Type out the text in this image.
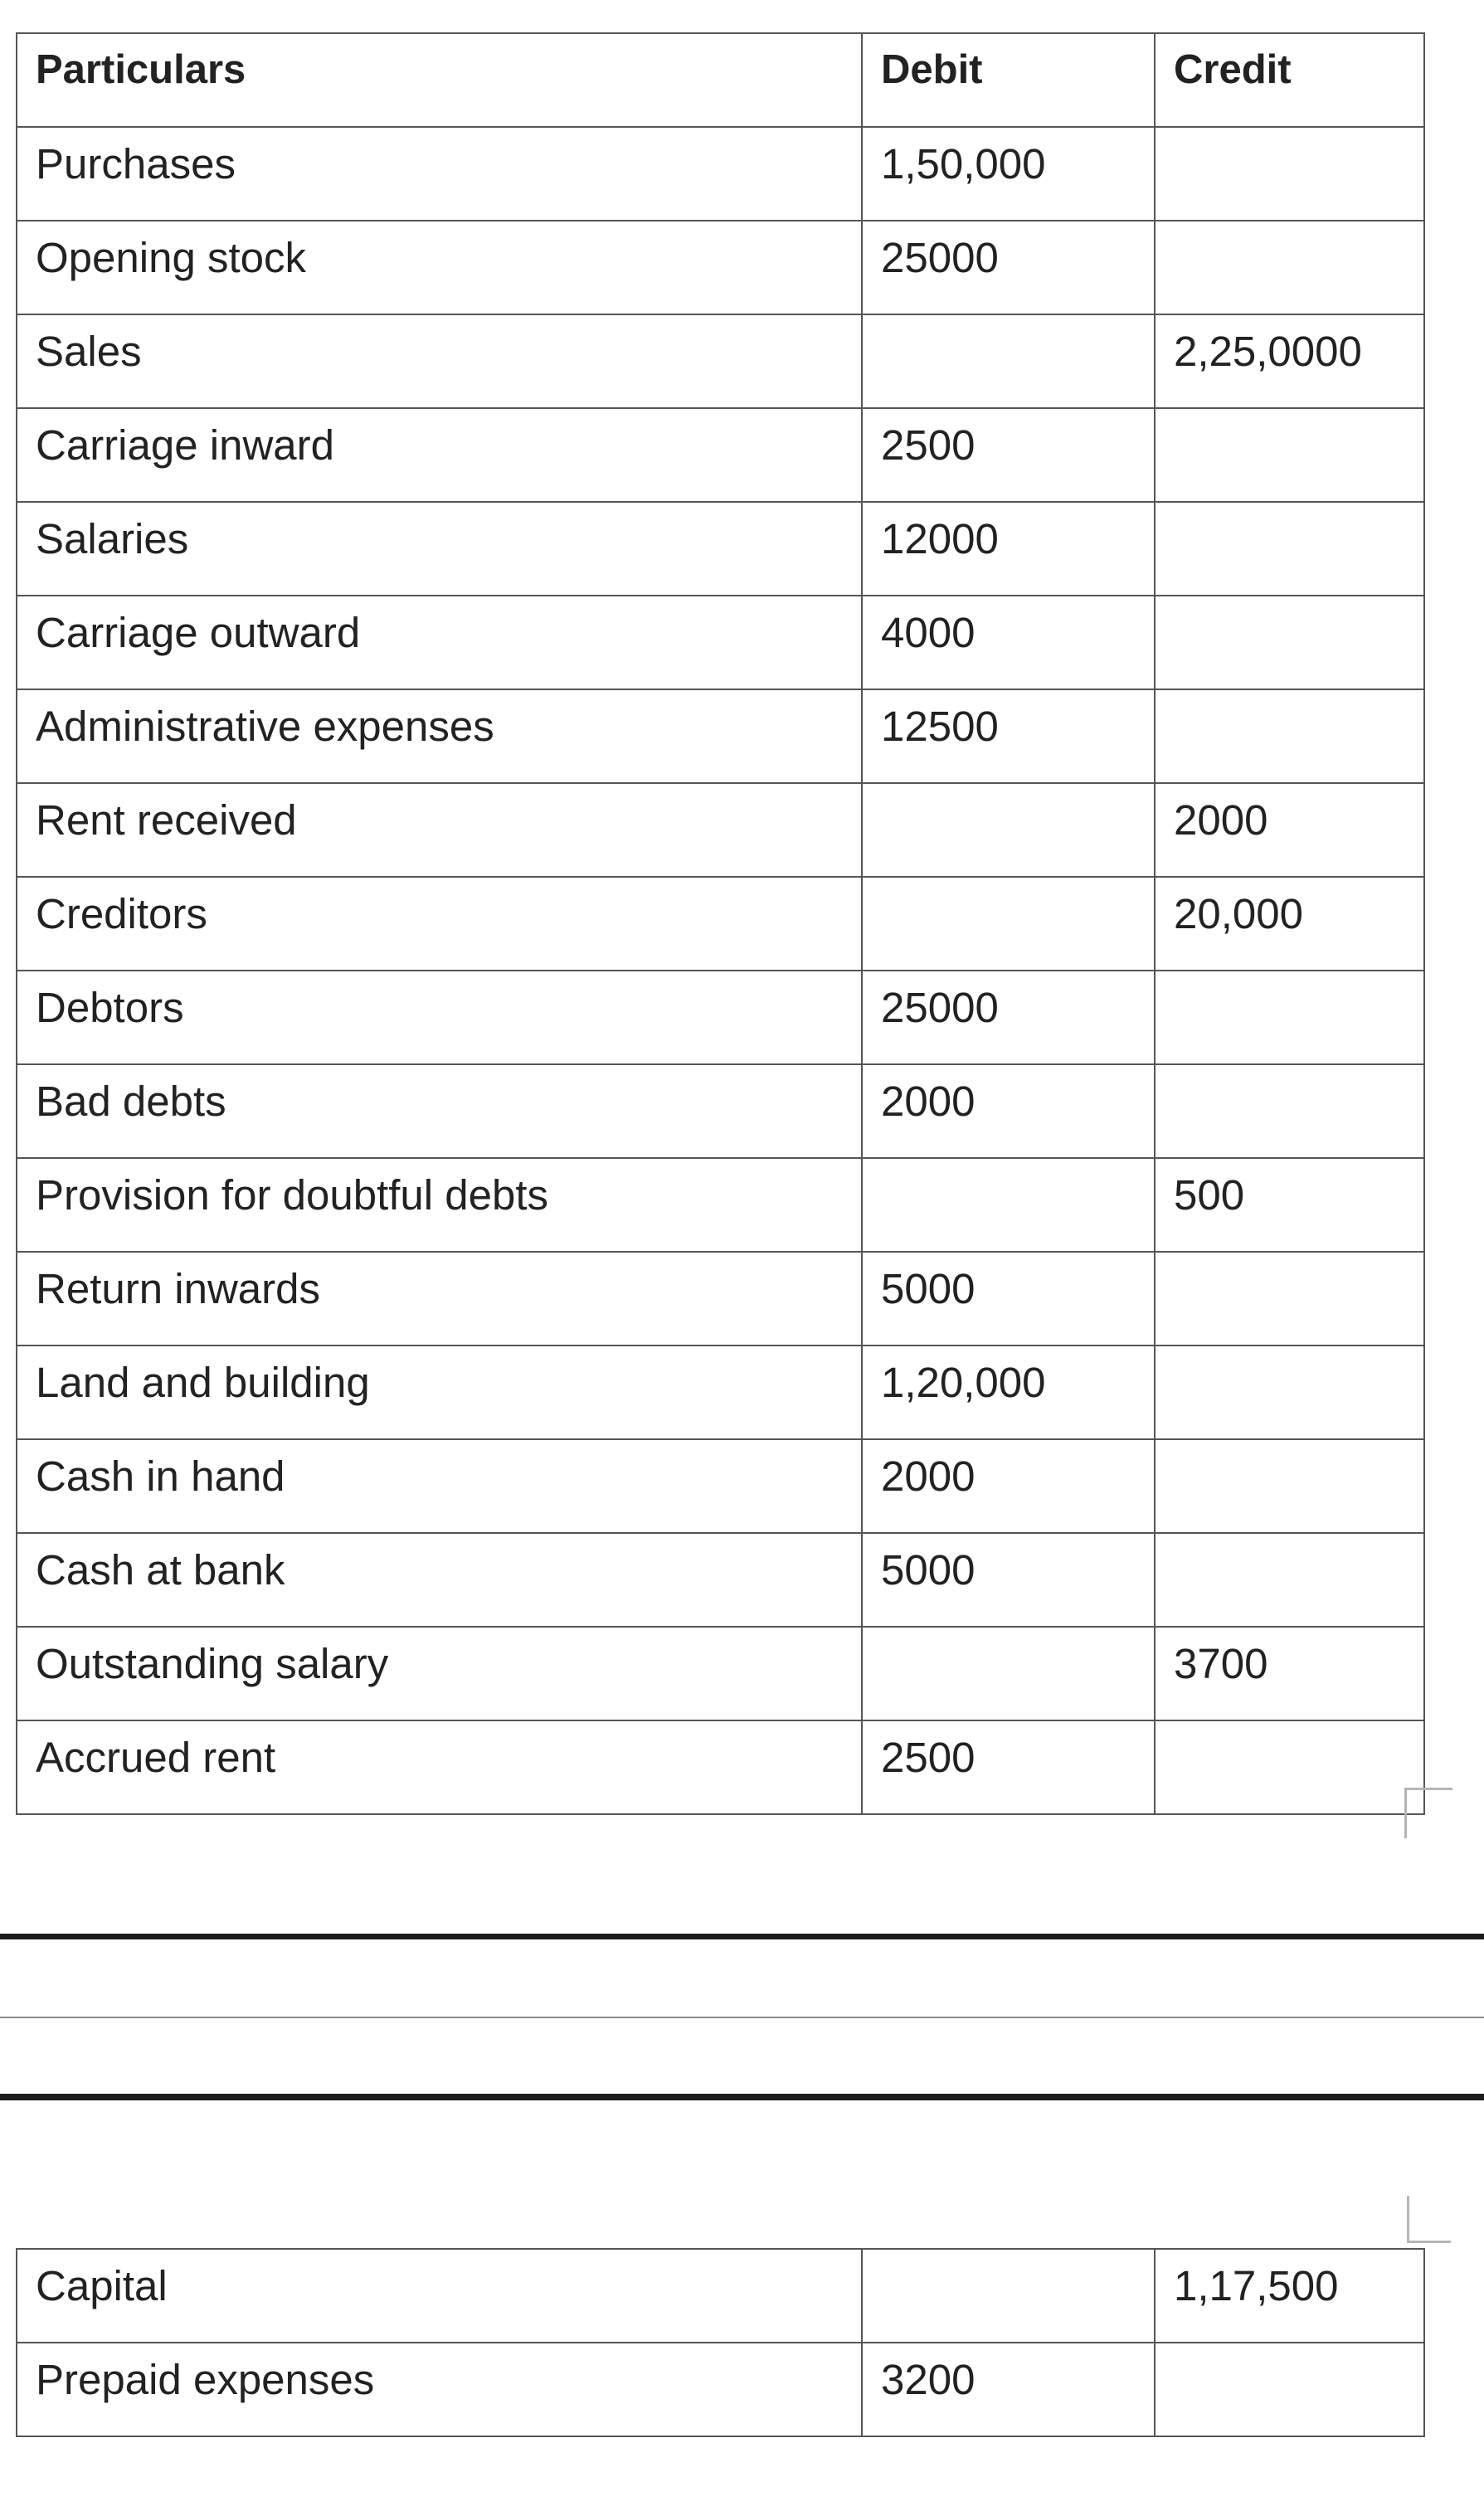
Particulars	Debit	Credit
Purchases	1,50,000	
Opening stock	25000	
Sales		2,25,0000
Carriage inward	2500	
Salaries	12000	
Carriage outward	4000	
Administrative expenses	12500	
Rent received		2000
Creditors		20,000
Debtors	25000	
Bad debts	2000	
Provision for doubtful debts		500
Return inwards	5000	
Land and building	1,20,000	
Cash in hand	2000	
Cash at bank	5000	
Outstanding salary		3700
Accrued rent	2500	
Capital		1,17,500
Prepaid expenses	3200	
